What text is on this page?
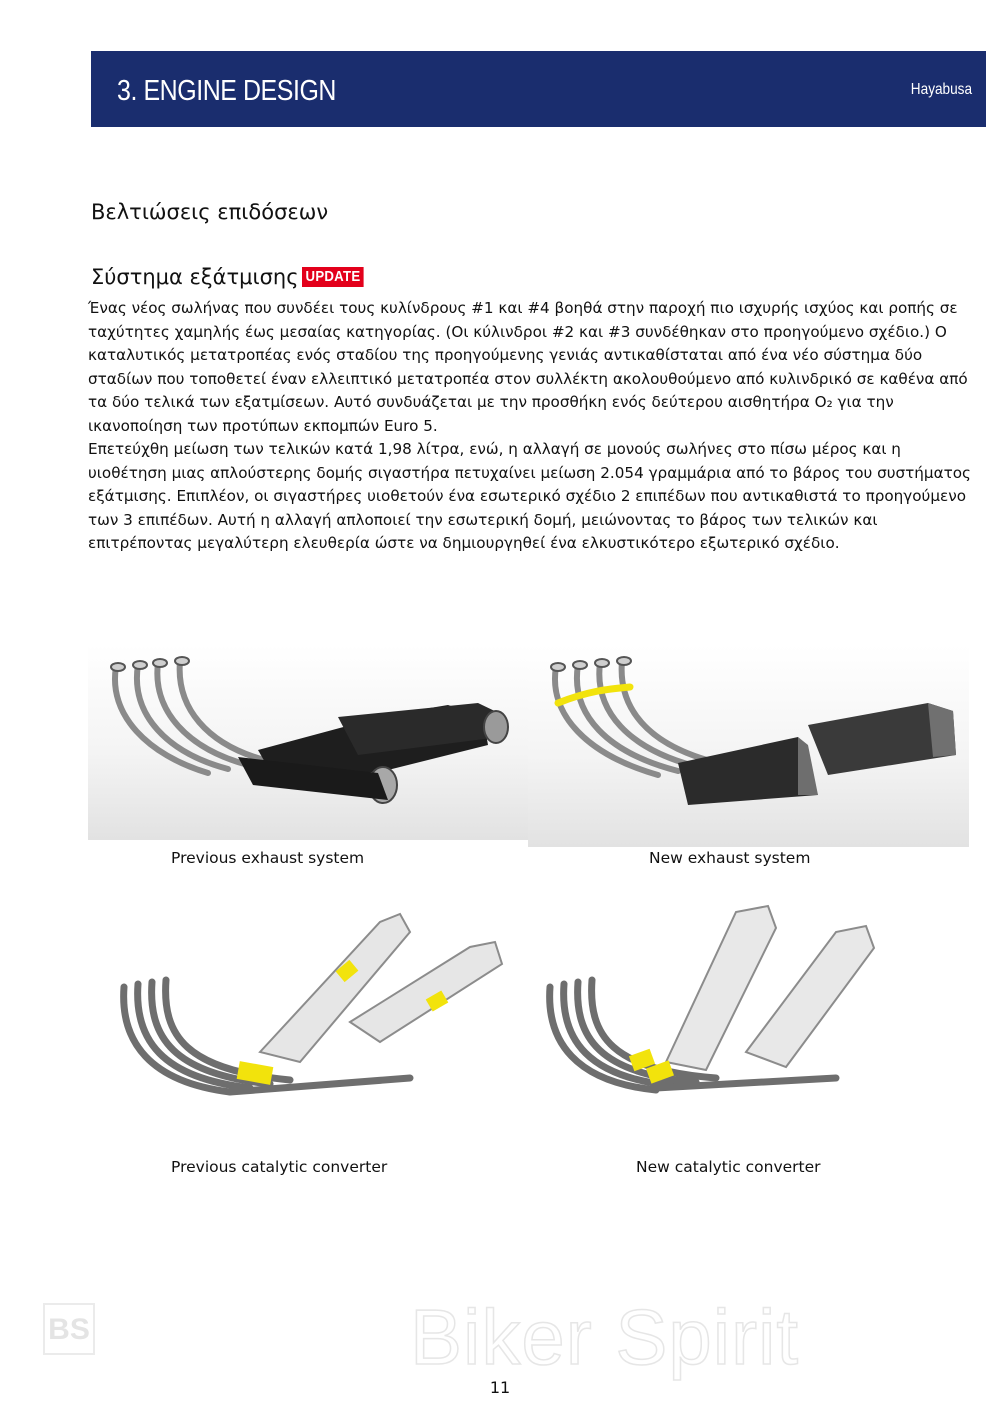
3. ENGINE DESIGN	Hayabusa
Βελτιώσεις επιδόσεων
Σύστημα εξάτμισης UPDATE

Ένας νέος σωλήνας που συνδέει τους κυλίνδρους #1 και #4 βοηθά στην παροχή πιο ισχυρής ισχύος και ροπής σε ταχύτητες χαμηλής έως μεσαίας κατηγορίας. (Οι κύλινδροι #2 και #3 συνδέθηκαν στο προηγούμενο σχέδιο.) Ο καταλυτικός μετατροπέας ενός σταδίου της προηγούμενης γενιάς αντικαθίσταται από ένα νέο σύστημα δύο σταδίων που τοποθετεί έναν ελλειπτικό μετατροπέα στον συλλέκτη ακολουθούμενο από κυλινδρικό σε καθένα από τα δύο τελικά των εξατμίσεων. Αυτό συνδυάζεται με την προσθήκη ενός δεύτερου αισθητήρα O₂ για την ικανοποίηση των προτύπων εκπομπών Euro 5.

Επετεύχθη μείωση των τελικών κατά 1,98 λίτρα, ενώ, η αλλαγή σε μονούς σωλήνες στο πίσω μέρος και η υιοθέτηση μιας απλούστερης δομής σιγαστήρα πετυχαίνει μείωση 2.054 γραμμάρια από το βάρος του συστήματος εξάτμισης. Επιπλέον, οι σιγαστήρες υιοθετούν ένα εσωτερικό σχέδιο 2 επιπέδων που αντικαθιστά το προηγούμενο των 3 επιπέδων. Αυτή η αλλαγή απλοποιεί την εσωτερική δομή, μειώνοντας το βάρος των τελικών και επιτρέποντας μεγαλύτερη ελευθερία ώστε να δημιουργηθεί ένα ελκυστικότερο εξωτερικό σχέδιο.

Previous exhaust system	New exhaust system
Previous catalytic converter	New catalytic converter
BS	Biker Spirit
11
